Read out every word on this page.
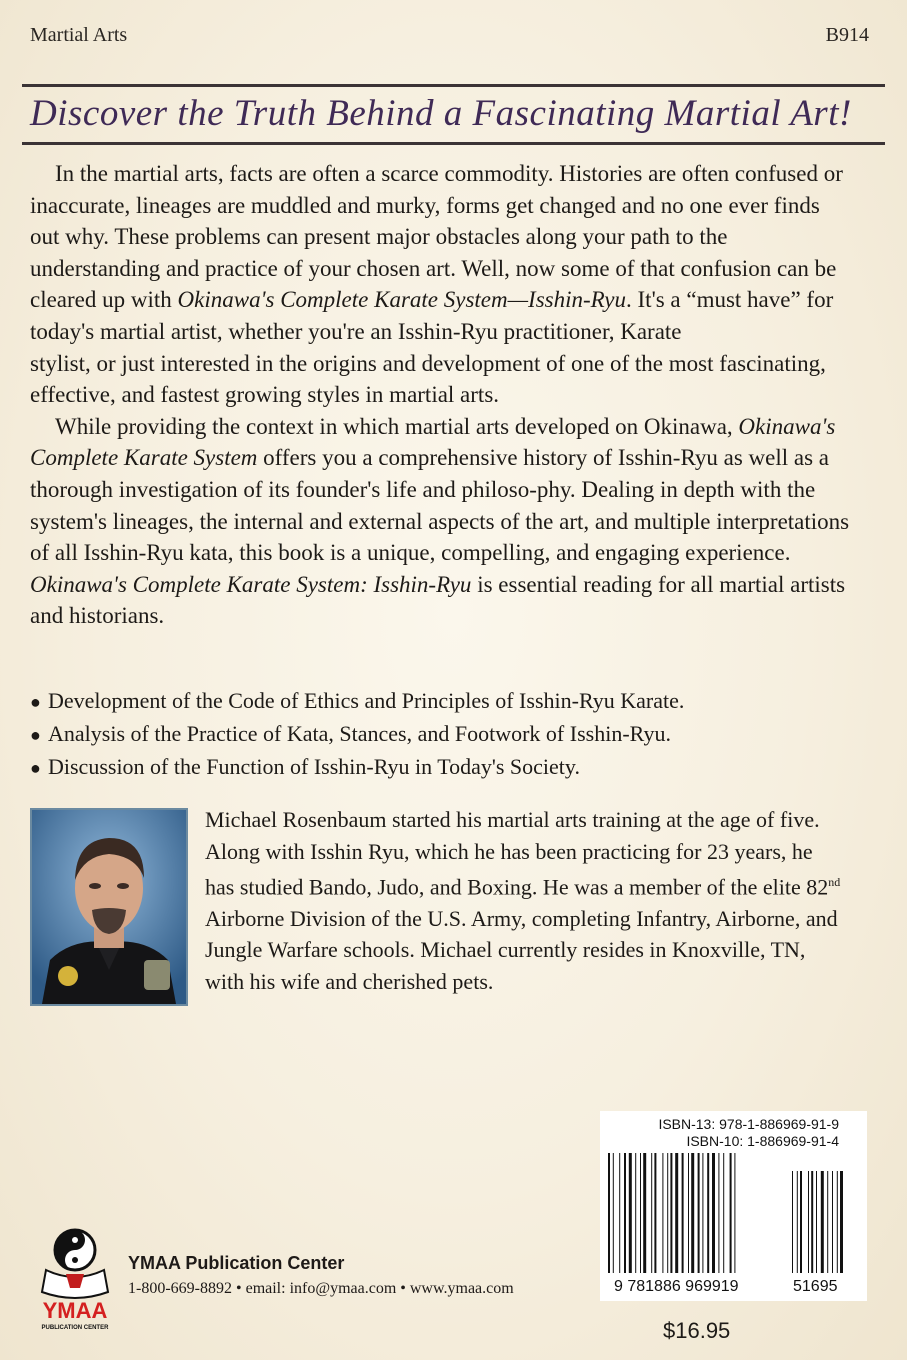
Martial Arts	B914
Discover the Truth Behind a Fascinating Martial Art!

In the martial arts, facts are often a scarce commodity. Histories are often confused or inaccurate, lineages are muddled and murky, forms get changed and no one ever finds out why. These problems can present major obstacles along your path to the understanding and practice of your chosen art. Well, now some of that confusion can be cleared up with Okinawa's Complete Karate System—Isshin-Ryu. It's a “must have” for today's martial artist, whether you're an Isshin-Ryu practitioner, Karate
stylist, or just interested in the origins and development of one of the most fascinating, effective, and fastest growing styles in martial arts.

While providing the context in which martial arts developed on Okinawa, Okinawa's Complete Karate System offers you a comprehensive history of Isshin-Ryu as well as a thorough investigation of its founder's life and philoso-phy. Dealing in depth with the system's lineages, the internal and external aspects of the art, and multiple interpretations of all Isshin-Ryu kata, this book is a unique, compelling, and engaging experience. Okinawa's Complete Karate System: Isshin-Ryu is essential reading for all martial artists and historians.

● Development of the Code of Ethics and Principles of Isshin-Ryu Karate.
● Analysis of the Practice of Kata, Stances, and Footwork of Isshin-Ryu.
● Discussion of the Function of Isshin-Ryu in Today's Society.
Michael Rosenbaum started his martial arts training at the age of five. Along with Isshin Ryu, which he has been practicing for 23 years, he has studied Bando, Judo, and Boxing. He was a member of the elite 82nd Airborne Division of the U.S. Army, completing Infantry, Airborne, and Jungle Warfare schools. Michael currently resides in Knoxville, TN, with his wife and cherished pets.
YMAA
PUBLICATION CENTER
YMAA Publication Center
1-800-669-8892 • email: info@ymaa.com • www.ymaa.com	9 781886 969919	51695
ISBN-13: 978-1-886969-91-9
ISBN-10: 1-886969-91-4
$16.95
